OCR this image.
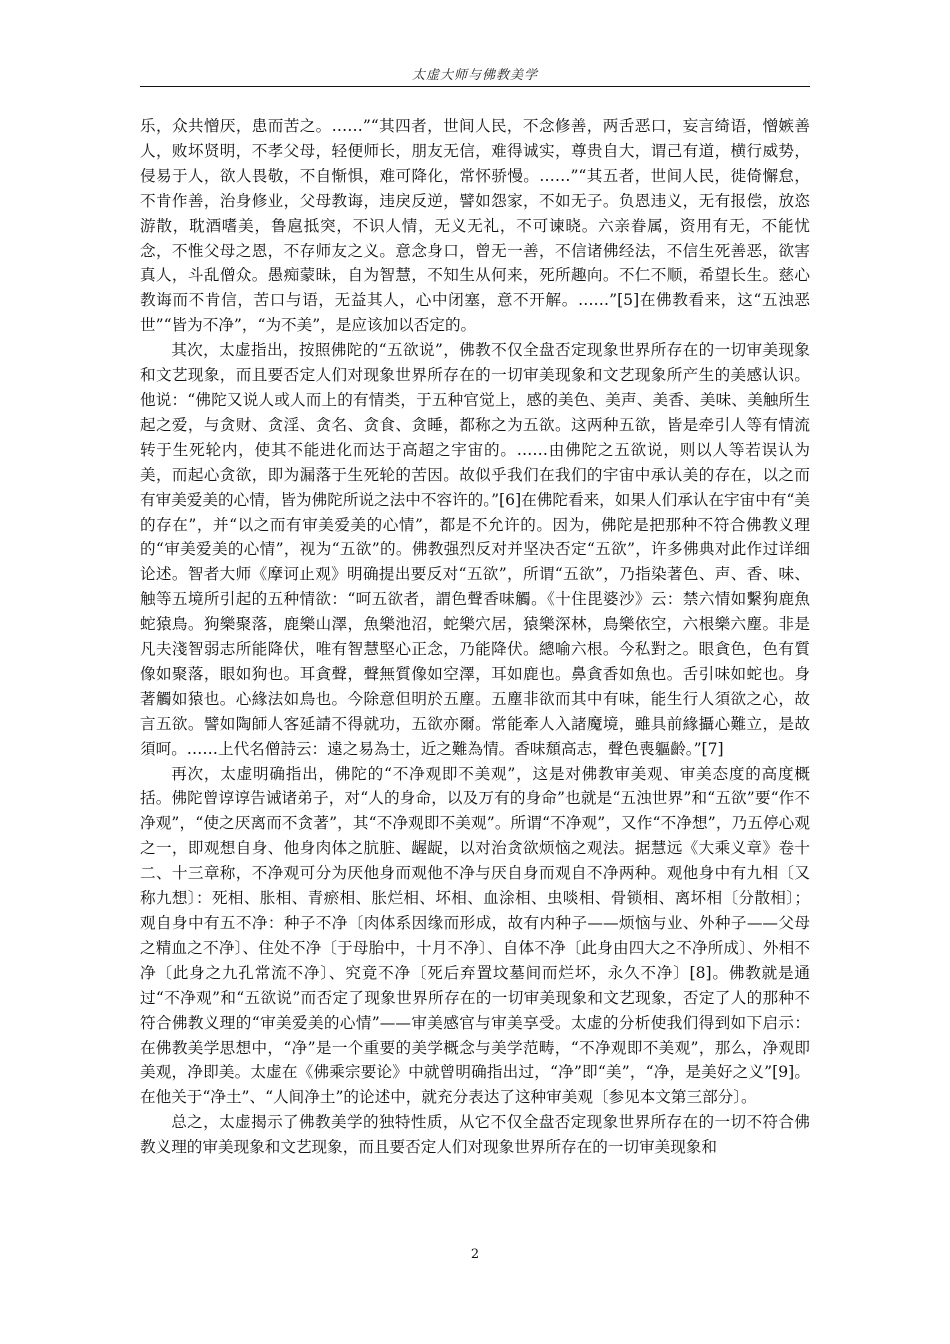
太虚大师与佛教美学

乐，众共憎厌，患而苦之。……”“其四者，世间人民，不念修善，两舌恶口，妄言绮语，憎嫉善人，败坏贤明，不孝父母，轻便师长，朋友无信，难得诚实，尊贵自大，谓己有道，横行威势，侵易于人，欲人畏敬，不自惭惧，难可降化，常怀骄慢。……”“其五者，世间人民，徙倚懈怠，不肯作善，治身修业，父母教诲，违戾反逆，譬如怨家，不如无子。负恩违义，无有报偿，放恣游散，耽酒嗜美，鲁扈抵突，不识人情，无义无礼，不可谏晓。六亲眷属，资用有无，不能忧念，不惟父母之恩，不存师友之义。意念身口，曾无一善，不信诸佛经法，不信生死善恶，欲害真人，斗乱僧众。愚痴蒙昧，自为智慧，不知生从何来，死所趣向。不仁不顺，希望长生。慈心教诲而不肯信，苦口与语，无益其人，心中闭塞，意不开解。……”[5]在佛教看来，这“五浊恶世”“皆为不净”，“为不美”，是应该加以否定的。

其次，太虚指出，按照佛陀的“五欲说”，佛教不仅全盘否定现象世界所存在的一切审美现象和文艺现象，而且要否定人们对现象世界所存在的一切审美现象和文艺现象所产生的美感认识。他说：“佛陀又说人或人而上的有情类，于五种官觉上，感的美色、美声、美香、美味、美触所生起之爱，与贪财、贪淫、贪名、贪食、贪睡，都称之为五欲。这两种五欲，皆是牵引人等有情流转于生死轮内，使其不能进化而达于高超之宇宙的。……由佛陀之五欲说，则以人等若误认为美，而起心贪欲，即为漏落于生死轮的苦因。故似乎我们在我们的宇宙中承认美的存在，以之而有审美爱美的心情，皆为佛陀所说之法中不容许的。”[6]在佛陀看来，如果人们承认在宇宙中有“美的存在”，并“以之而有审美爱美的心情”，都是不允许的。因为，佛陀是把那种不符合佛教义理的“审美爱美的心情”，视为“五欲”的。佛教强烈反对并坚决否定“五欲”，许多佛典对此作过详细论述。智者大师《摩诃止观》明确提出要反对“五欲”，所谓“五欲”，乃指染著色、声、香、味、触等五境所引起的五种情欲：“呵五欲者，謂色聲香味觸。《十住毘婆沙》云：禁六情如繫狗鹿魚蛇猿鳥。狗樂聚落，鹿樂山澤，魚樂池沼，蛇樂穴居，猿樂深林，鳥樂依空，六根樂六塵。非是凡夫淺智弱志所能降伏，唯有智慧堅心正念，乃能降伏。總喻六根。今私對之。眼貪色，色有質像如聚落，眼如狗也。耳貪聲，聲無質像如空澤，耳如鹿也。鼻貪香如魚也。舌引味如蛇也。身著觸如猿也。心緣法如鳥也。今除意但明於五塵。五塵非欲而其中有味，能生行人須欲之心，故言五欲。譬如陶師人客延請不得就功，五欲亦爾。常能牽人入諸魔境，雖具前緣攝心難立，是故須呵。……上代名僧詩云：遠之易為士，近之難為情。香味頹高志，聲色喪軀齡。”[7]

再次，太虚明确指出，佛陀的“不净观即不美观”，这是对佛教审美观、审美态度的高度概括。佛陀曾谆谆告诫诸弟子，对“人的身命，以及万有的身命”也就是“五浊世界”和“五欲”要“作不净观”，“使之厌离而不贪著”，其“不净观即不美观”。所谓“不净观”，又作“不净想”，乃五停心观之一，即观想自身、他身肉体之肮脏、龌龊，以对治贪欲烦恼之观法。据慧远《大乘义章》卷十二、十三章称，不净观可分为厌他身而观他不净与厌自身而观自不净两种。观他身中有九相〔又称九想〕：死相、胀相、青瘀相、胀烂相、坏相、血涂相、虫啖相、骨锁相、离坏相〔分散相〕；观自身中有五不净：种子不净〔肉体系因缘而形成，故有内种子——烦恼与业、外种子——父母之精血之不净〕、住处不净〔于母胎中，十月不净〕、自体不净〔此身由四大之不净所成〕、外相不净〔此身之九孔常流不净〕、究竟不净〔死后弃置坟墓间而烂坏，永久不净〕[8]。佛教就是通过“不净观”和“五欲说”而否定了现象世界所存在的一切审美现象和文艺现象，否定了人的那种不符合佛教义理的“审美爱美的心情”——审美感官与审美享受。太虚的分析使我们得到如下启示：在佛教美学思想中，“净”是一个重要的美学概念与美学范畴，“不净观即不美观”，那么，净观即美观，净即美。太虚在《佛乘宗要论》中就曾明确指出过，“净”即“美”，“净，是美好之义”[9]。在他关于“净土”、“人间净土”的论述中，就充分表达了这种审美观〔参见本文第三部分〕。

总之，太虚揭示了佛教美学的独特性质，从它不仅全盘否定现象世界所存在的一切不符合佛教义理的审美现象和文艺现象，而且要否定人们对现象世界所存在的一切审美现象和

2
